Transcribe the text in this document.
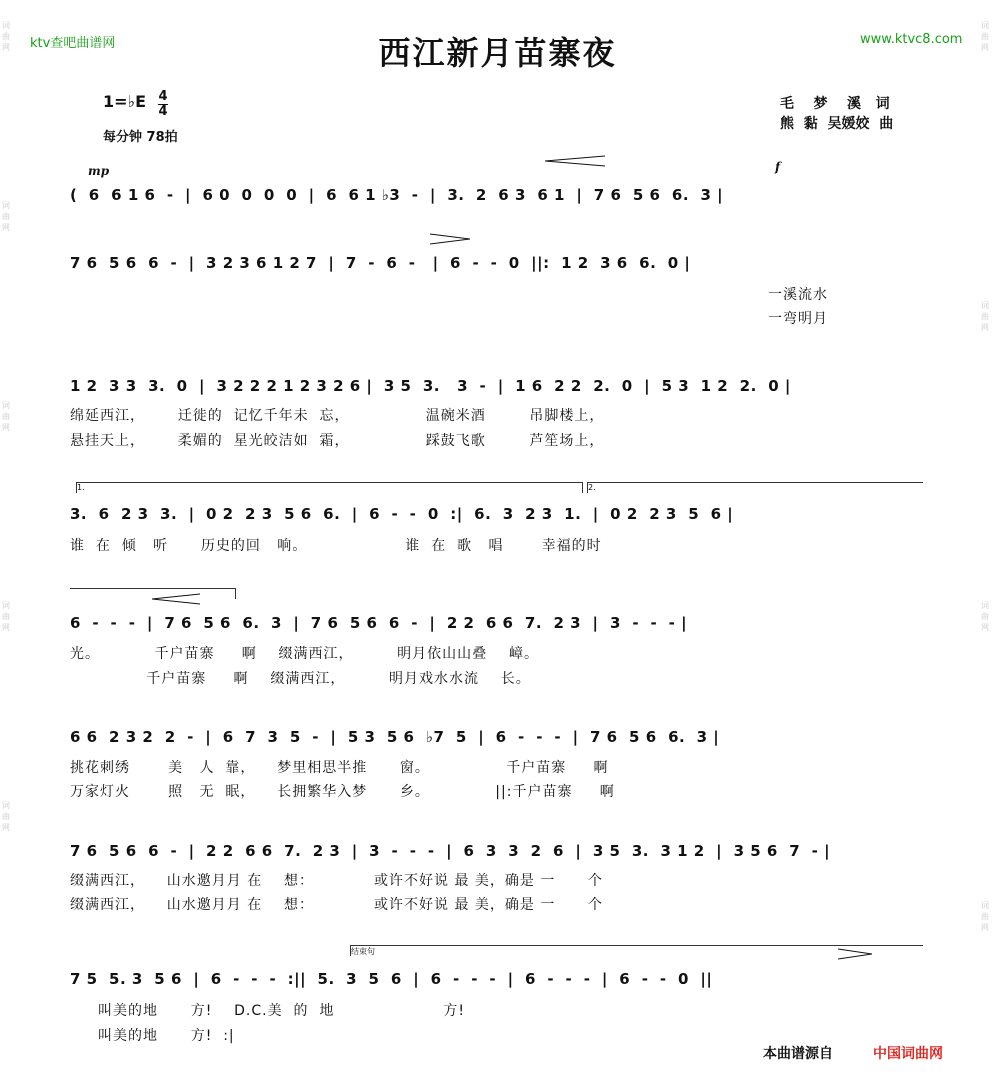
词曲网
词曲网
词曲网
词曲网
词曲网
词曲网
词曲网
词曲网
词曲网
ktv查吧曲谱网	www.ktvc8.com
西江新月苗寨夜
1=♭E 4
4
每分钟 78拍
毛    梦    溪   词
熊  黏  吴媛姣  曲
mp	f
1.	2.
结束句
(  6  6 1 6  -  |  6 0  0  0  0  |  6  6 1 ♭3  -  |  3.  2  6 3  6 1  |  7 6  5 6  6.  3 |
7 6  5 6  6  -  |  3 2 3 6 1 2 7  |  7  -  6  -   |  6  -  -  0  ||:  1 2  3 6  6.  0 |
一溪流水
一弯明月
1 2  3 3  3.  0  |  3 2 2 2 1 2 3 2 6 |  3 5  3.   3  -  |  1 6  2 2  2.  0  |  5 3  1 2  2.  0 |
绵延西江，      迁徙的  记忆千年未  忘，              温碗米酒        吊脚楼上，
悬挂天上，      柔媚的  星光皎洁如  霜，              踩鼓飞歌        芦笙场上，
3.  6  2 3  3.  |  0 2  2 3  5 6  6.  |  6  -  -  0  :|  6.  3  2 3  1.  |  0 2  2 3  5  6 |
谁  在  倾   听      历史的回   响。                  谁  在  歌   唱       幸福的时
6  -  -  -  |  7 6  5 6  6.  3  |  7 6  5 6  6  -  |  2 2  6 6  7.  2 3  |  3  -  -  - |
光。          千户苗寨     啊    缀满西江，        明月依山山叠    嶂。
千户苗寨     啊    缀满西江，        明月戏水水流    长。
6 6  2 3 2  2  -  |  6  7  3  5  -  |  5 3  5 6  ♭7  5  |  6  -  -  -  |  7 6  5 6  6.  3 |
挑花刺绣       美   人  靠，    梦里相思半推      窗。              千户苗寨     啊
万家灯火       照   无  眠，    长拥繁华入梦      乡。            ||:千户苗寨     啊
7 6  5 6  6  -  |  2 2  6 6  7.  2 3  |  3  -  -  -  |  6  3  3  2  6  |  3 5  3.  3 1 2  |  3 5 6  7  - |
缀满西江，    山水邀月月 在    想：           或许不好说 最 美，确是 一      个
缀满西江，    山水邀月月 在    想：           或许不好说 最 美，确是 一      个
7 5  5. 3  5 6  |  6  -  -  -  :||  5.  3  5  6  |  6  -  -  -  |  6  -  -  -  |  6  -  -  0  ||
叫美的地      方!    D.C.美  的  地                    方!
叫美的地      方!  :|
本曲谱源自	中国词曲网
